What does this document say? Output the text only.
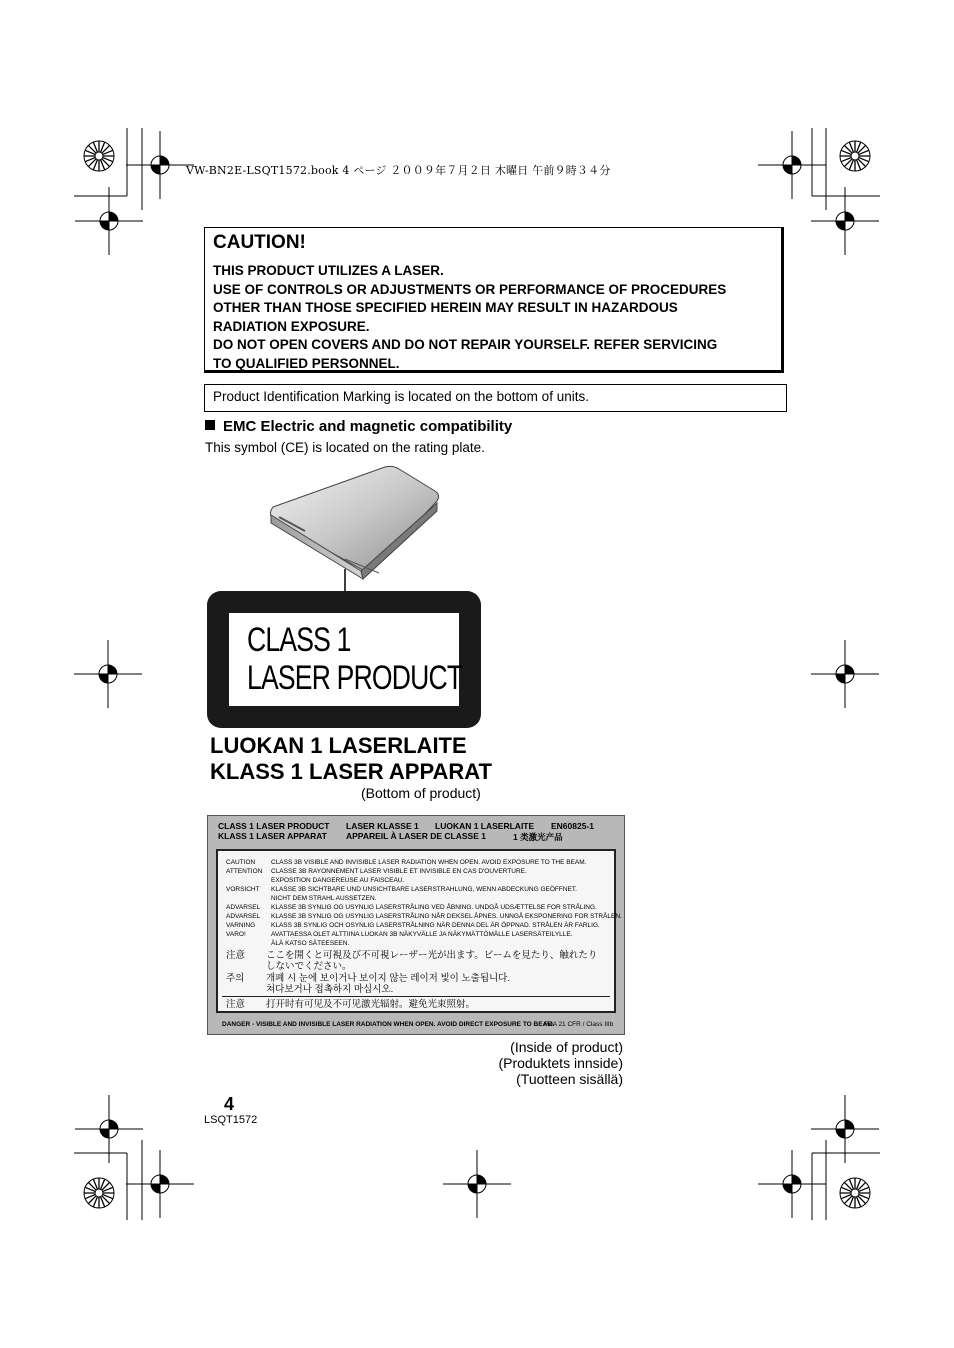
VW-BN2E-LSQT1572.book 4 ページ ２００９年７月２日 木曜日 午前９時３４分
CAUTION!
THIS PRODUCT UTILIZES A LASER.
USE OF CONTROLS OR ADJUSTMENTS OR PERFORMANCE OF PROCEDURES
OTHER THAN THOSE SPECIFIED HEREIN MAY RESULT IN HAZARDOUS
RADIATION EXPOSURE.
DO NOT OPEN COVERS AND DO NOT REPAIR YOURSELF. REFER SERVICING
TO QUALIFIED PERSONNEL.
Product Identification Marking is located on the bottom of units.
EMC Electric and magnetic compatibility
This symbol (CE) is located on the rating plate.
CLASS 1
LASER PRODUCT
LUOKAN 1 LASERLAITE
KLASS 1 LASER APPARAT
(Bottom of product)
CLASS 1 LASER PRODUCT LASER KLASSE 1 LUOKAN 1 LASERLAITE EN60825-1
KLASS 1 LASER APPARAT APPAREIL À LASER DE CLASSE 1	1 类激光产品
CAUTION CLASS 3B VISIBLE AND INVISIBLE LASER RADIATION WHEN OPEN. AVOID EXPOSURE TO THE BEAM.
ATTENTION CLASSE 3B RAYONNEMENT LASER VISIBLE ET INVISIBLE EN CAS D'OUVERTURE.
EXPOSITION DANGEREUSE AU FAISCEAU.
VORSICHT KLASSE 3B SICHTBARE UND UNSICHTBARE LASERSTRAHLUNG, WENN ABDECKUNG GEÖFFNET.
NICHT DEM STRAHL AUSSETZEN.
ADVARSEL KLASSE 3B SYNLIG OG USYNLIG LASERSTRÅLING VED ÅBNING. UNDGÅ UDSÆTTELSE FOR STRÅLING.
ADVARSEL KLASSE 3B SYNLIG OG USYNLIG LASERSTRÅLING NÅR DEKSEL ÅPNES. UNNGÅ EKSPONERING FOR STRÅLEN.
VARNING KLASS 3B SYNLIG OCH OSYNLIG LASERSTRÅLNING NÄR DENNA DEL ÄR ÖPPNAD. STRÅLEN ÄR FARLIG.
VARO!	AVATTAESSA OLET ALTTIINA LUOKAN 3B NÄKYVÄLLE JA NÄKYMÄTTÖMÄLLE LASERSÄTEILYLLE.
ÄLÄ KATSO SÄTEESEEN.
注意 ここを開くと可視及び不可視レーザー光が出ます。ビームを見たり、触れたり
しないでください。
주의 개폐 시 눈에 보이거나 보이지 않는 레이저 빛이 노출됩니다.
쳐다보거나 접촉하지 마십시오.
注意 打开时有可见及不可见激光辐射。避免光束照射。
DANGER - VISIBLE AND INVISIBLE LASER RADIATION WHEN OPEN. AVOID DIRECT EXPOSURE TO BEAM.
FDA 21 CFR / Class IIIb
(Inside of product)
(Produktets innside)
(Tuotteen sisällä)
4
LSQT1572
